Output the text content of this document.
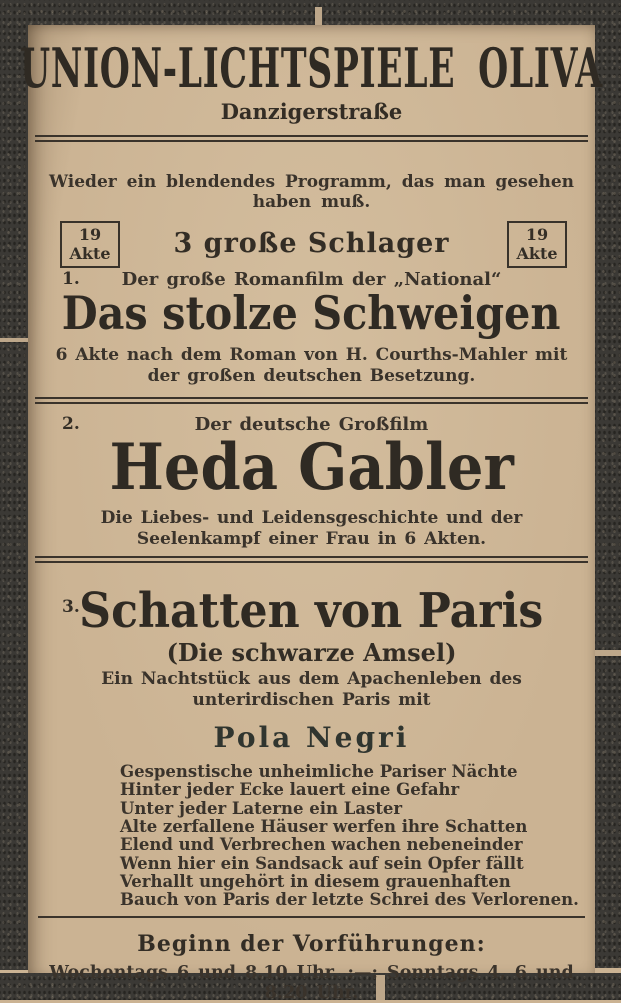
UNION-LICHTSPIELE OLIVA
Danzigerstraße
Wieder ein blendendes Programm, das man gesehen haben muß.
19
Akte
19
Akte
3 große Schlager
1.	Der große Romanfilm der „National“
Das stolze Schweigen
6 Akte nach dem Roman von H. Courths-Mahler mit der großen deutschen Besetzung.
2.	Der deutsche Großfilm
Heda Gabler
Die Liebes- und Leidensgeschichte und der Seelenkampf einer Frau in 6 Akten.
3. Schatten von Paris
(Die schwarze Amsel)
Ein Nachtstück aus dem Apachenleben des unterirdischen Paris mit
Pola Negri
Gespenstische unheimliche Pariser Nächte
Hinter jeder Ecke lauert eine Gefahr
Unter jeder Laterne ein Laster
Alte zerfallene Häuser werfen ihre Schatten
Elend und Verbrechen wachen nebeneinder
Wenn hier ein Sandsack auf sein Opfer fällt
Verhallt ungehört in diesem grauenhaften
Bauch von Paris der letzte Schrei des Verlorenen.
Beginn der Vorführungen:
Wochentags 6 und 8.10 Uhr. :—: Sonntags 4, 6 und 8.20 Uhr.
